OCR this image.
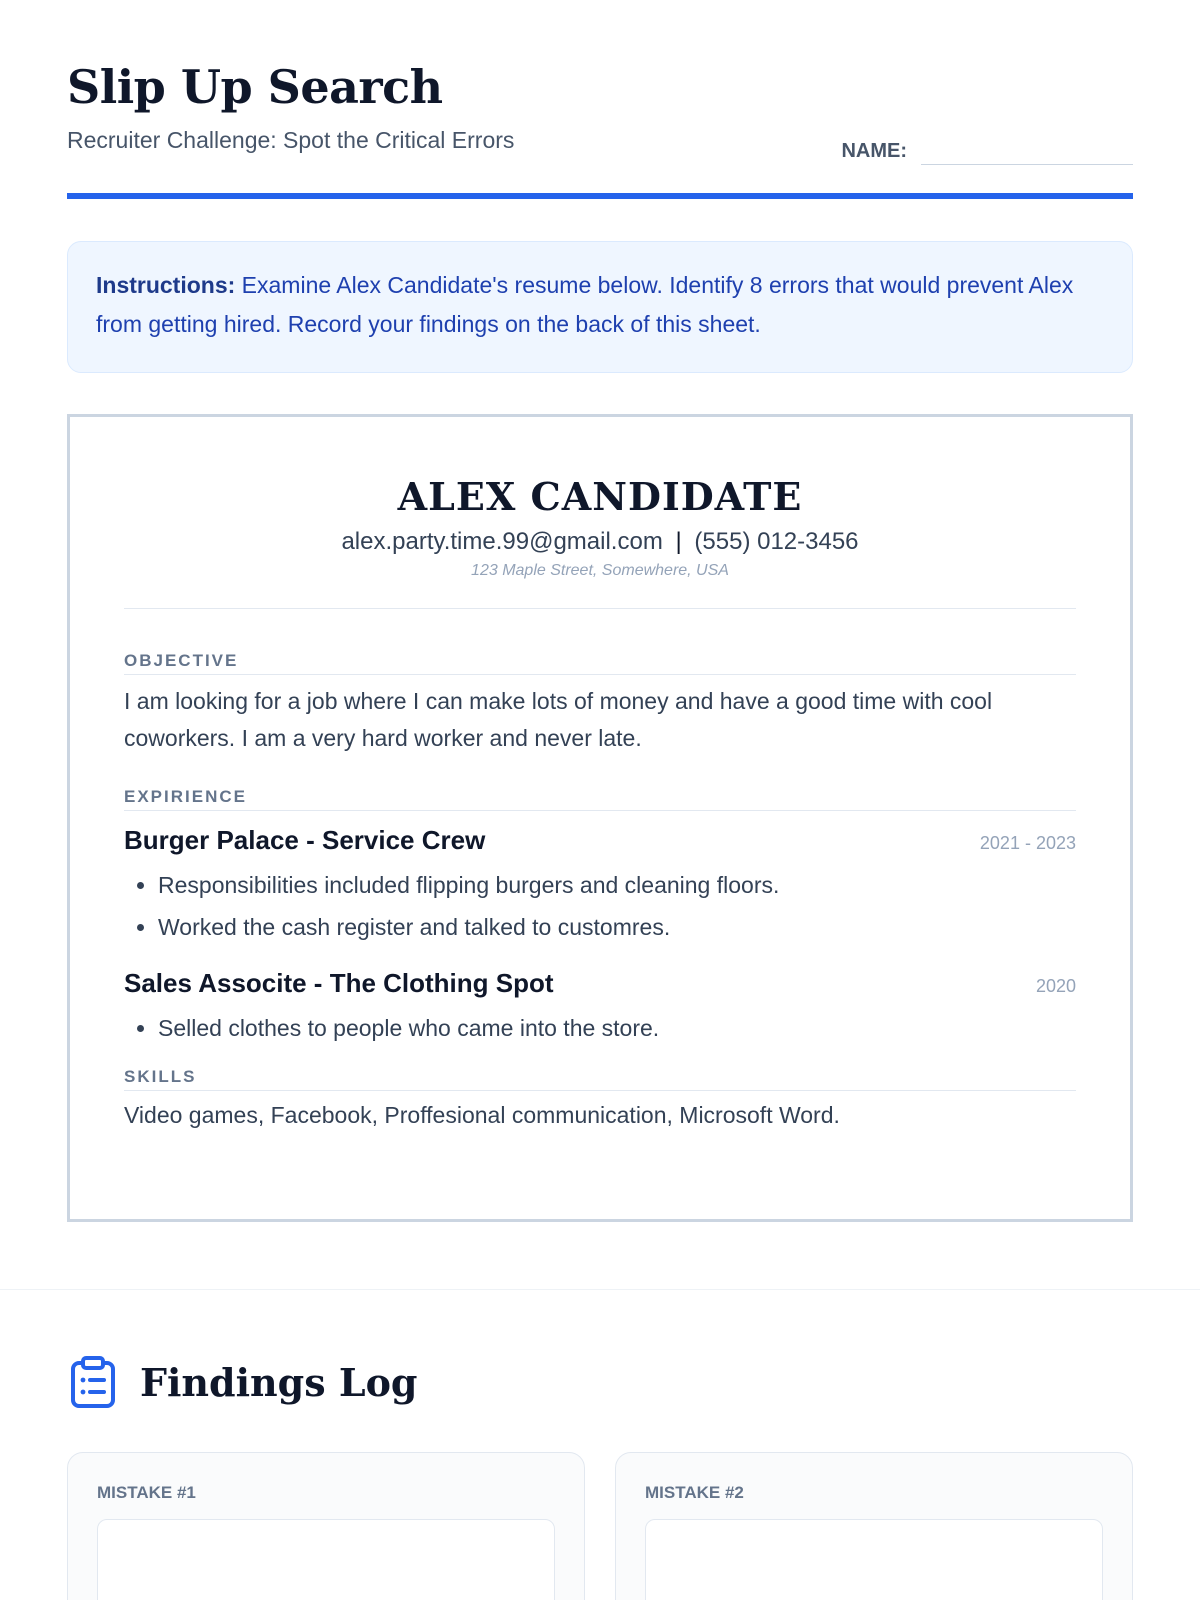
Slip Up Search
Recruiter Challenge: Spot the Critical Errors	NAME:
Instructions: Examine Alex Candidate's resume below. Identify 8 errors that would prevent Alex from getting hired. Record your findings on the back of this sheet.
ALEX CANDIDATE
alex.party.time.99@gmail.com | (555) 012-3456
123 Maple Street, Somewhere, USA
OBJECTIVE
I am looking for a job where I can make lots of money and have a good time with cool coworkers. I am a very hard worker and never late.
EXPIRIENCE
Burger Palace - Service Crew	2021 - 2023
• Responsibilities included flipping burgers and cleaning floors.
• Worked the cash register and talked to customres.
Sales Associte - The Clothing Spot	2020
• Selled clothes to people who came into the store.
SKILLS
Video games, Facebook, Proffesional communication, Microsoft Word.
Findings Log
MISTAKE #1	MISTAKE #2
